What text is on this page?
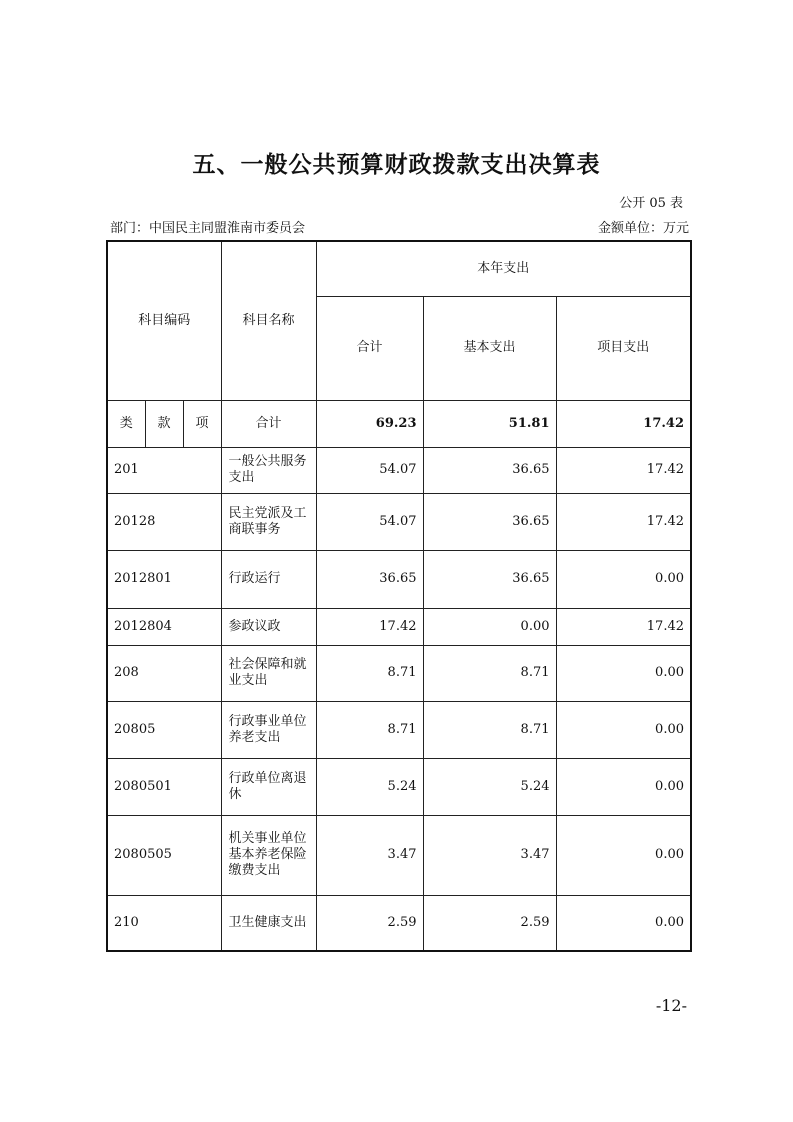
五、一般公共预算财政拨款支出决算表
公开 05 表
部门：中国民主同盟淮南市委员会	金额单位：万元
科目编码			科目名称	本年支出		
				合计	基本支出	项目支出
类	款	项	合计	69.23	51.81	17.42
201			一般公共服务支出	54.07	36.65	17.42
20128			民主党派及工商联事务	54.07	36.65	17.42
2012801			行政运行	36.65	36.65	0.00
2012804			参政议政	17.42	0.00	17.42
208			社会保障和就业支出	8.71	8.71	0.00
20805			行政事业单位养老支出	8.71	8.71	0.00
2080501			行政单位离退休	5.24	5.24	0.00
2080505			机关事业单位基本养老保险缴费支出	3.47	3.47	0.00
210			卫生健康支出	2.59	2.59	0.00
-12-
